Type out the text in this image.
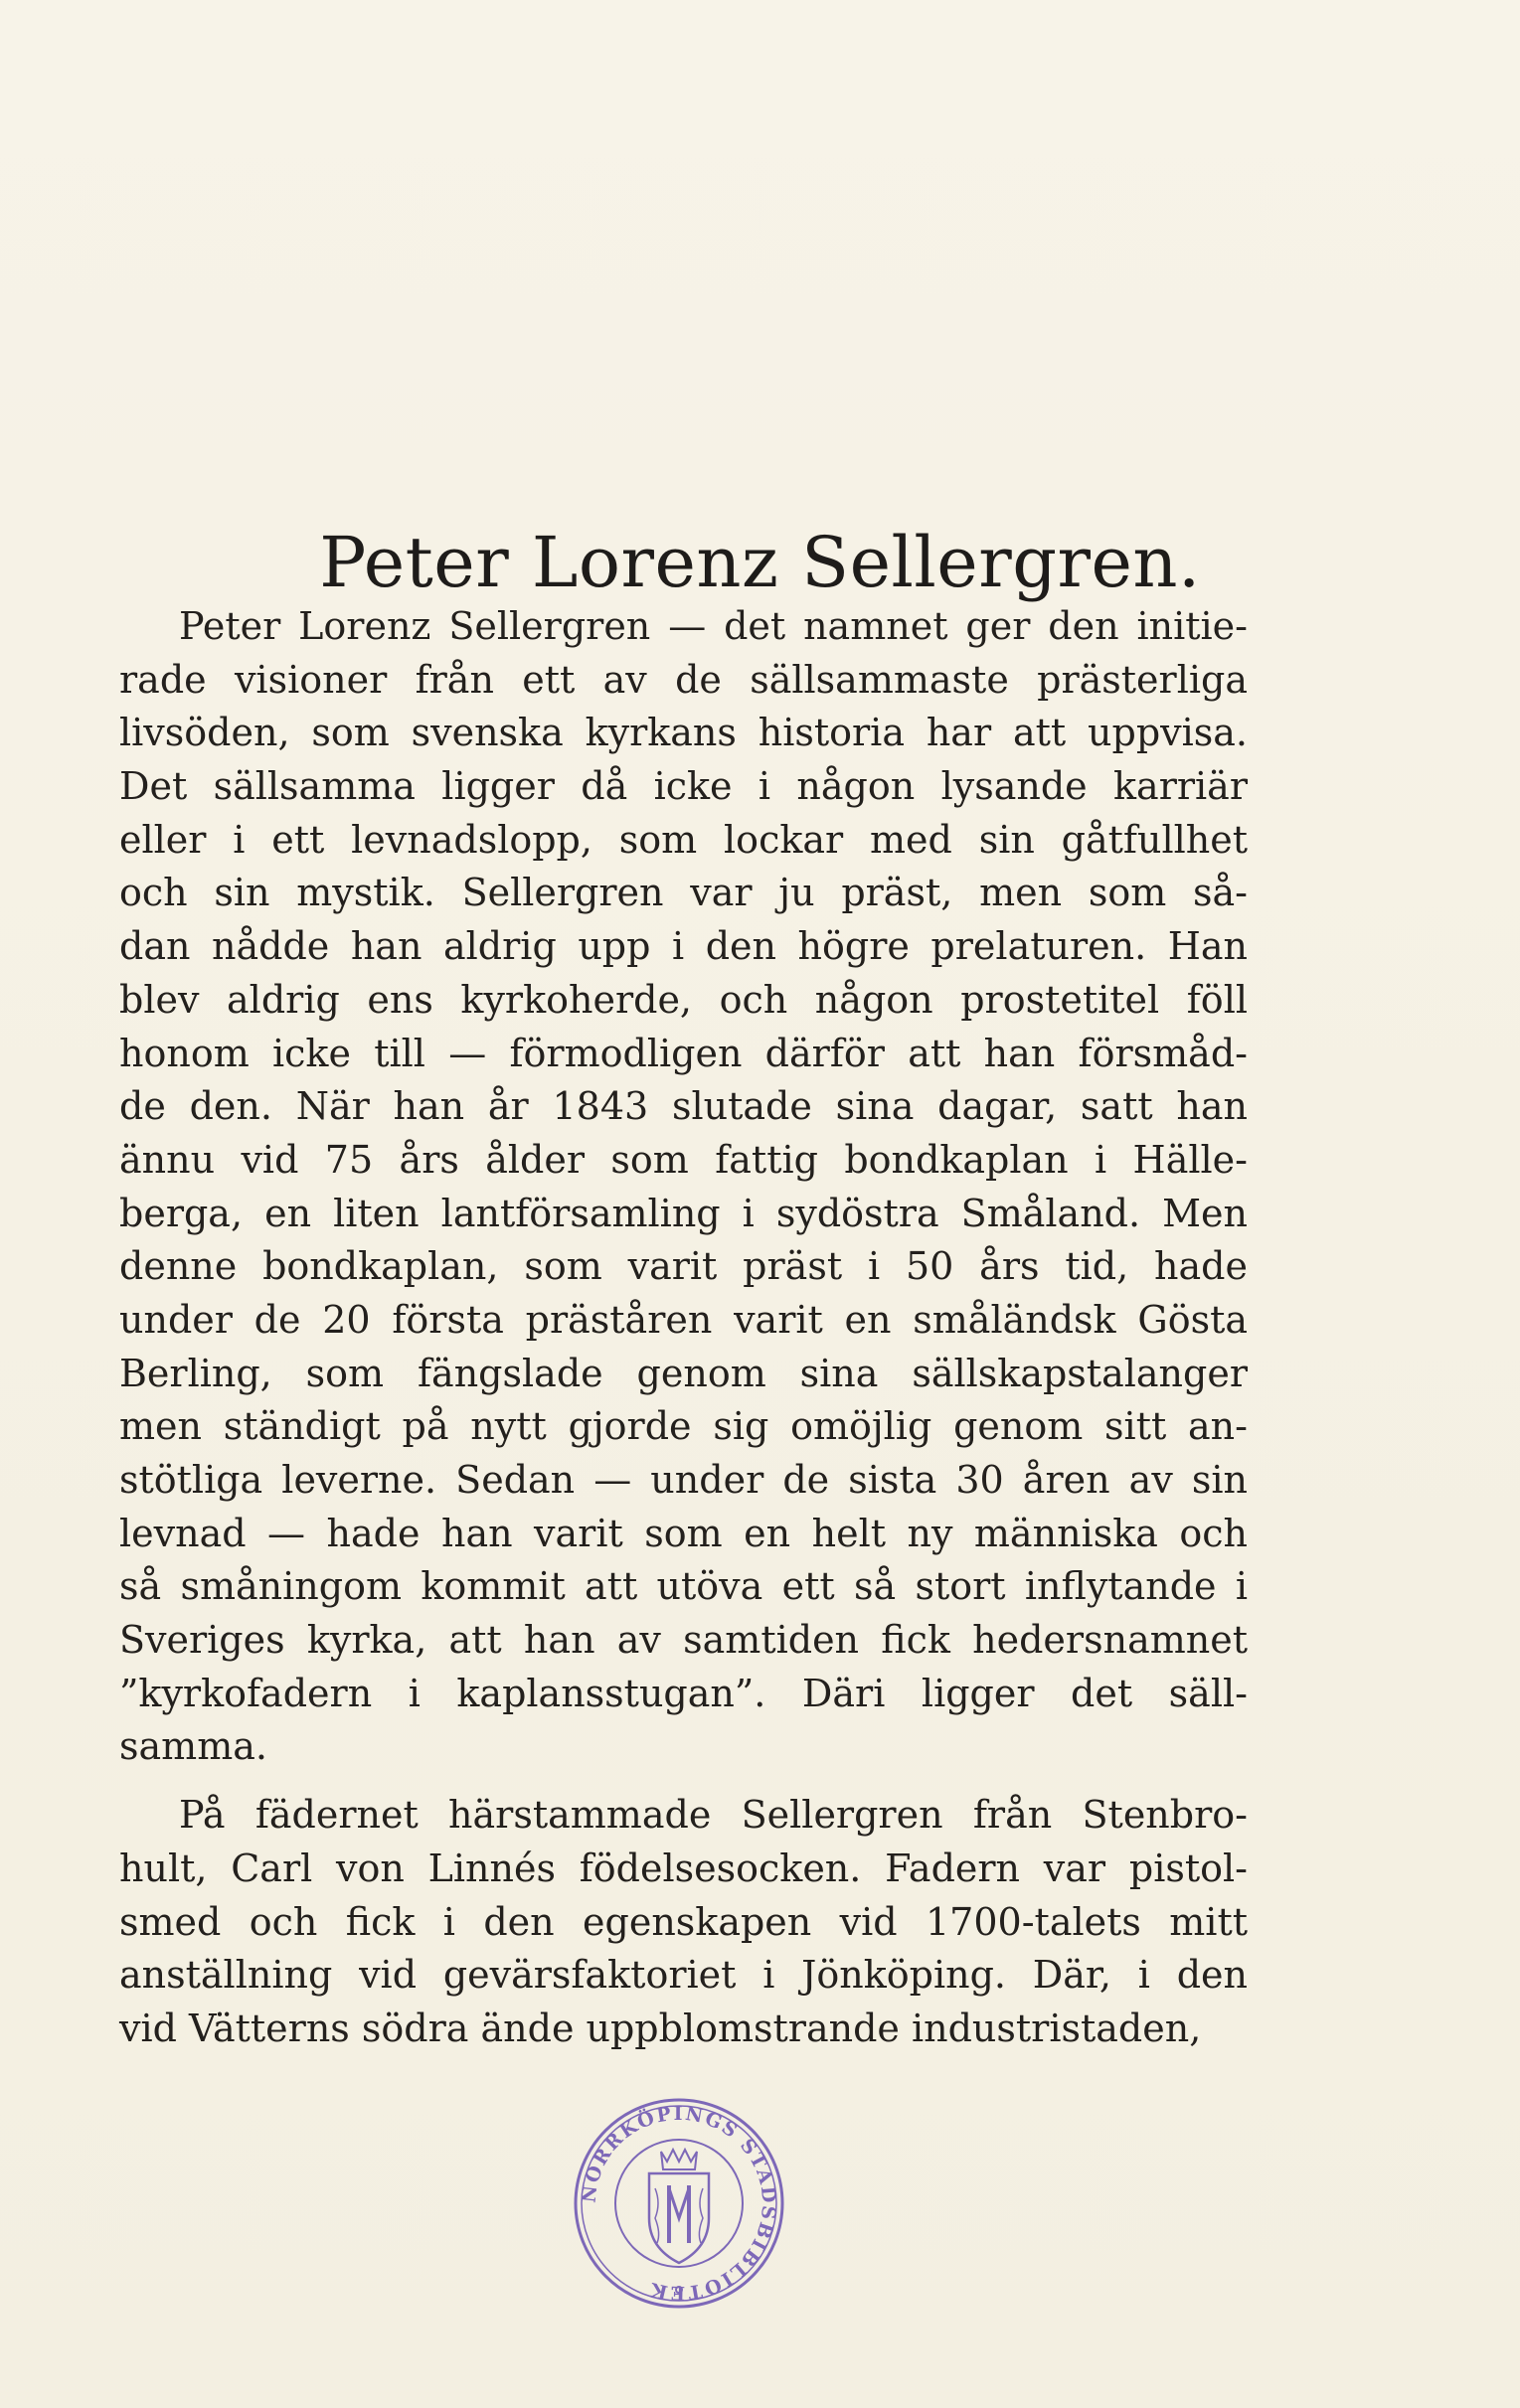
Peter Lorenz Sellergren.
Peter Lorenz Sellergren — det namnet ger den initie-
rade visioner från ett av de sällsammaste prästerliga
livsöden, som svenska kyrkans historia har att uppvisa.
Det sällsamma ligger då icke i någon lysande karriär
eller i ett levnadslopp, som lockar med sin gåtfullhet
och sin mystik. Sellergren var ju präst, men som så-
dan nådde han aldrig upp i den högre prelaturen. Han
blev aldrig ens kyrkoherde, och någon prostetitel föll
honom icke till — förmodligen därför att han försmåd-
de den. När han år 1843 slutade sina dagar, satt han
ännu vid 75 års ålder som fattig bondkaplan i Hälle-
berga, en liten lantförsamling i sydöstra Småland. Men
denne bondkaplan, som varit präst i 50 års tid, hade
under de 20 första präståren varit en småländsk Gösta
Berling, som fängslade genom sina sällskapstalanger
men ständigt på nytt gjorde sig omöjlig genom sitt an-
stötliga leverne. Sedan — under de sista 30 åren av sin
levnad — hade han varit som en helt ny människa och
så småningom kommit att utöva ett så stort inflytande i
Sveriges kyrka, att han av samtiden fick hedersnamnet
”kyrkofadern i kaplansstugan”. Däri ligger det säll-
samma.
På fädernet härstammade Sellergren från Stenbro-
hult, Carl von Linnés födelsesocken. Fadern var pistol-
smed och fick i den egenskapen vid 1700-talets mitt
anställning vid gevärsfaktoriet i Jönköping. Där, i den
vid Vätterns södra ände uppblomstrande industristaden,
NORRKÖPINGS STADSBIBLIOTEK
